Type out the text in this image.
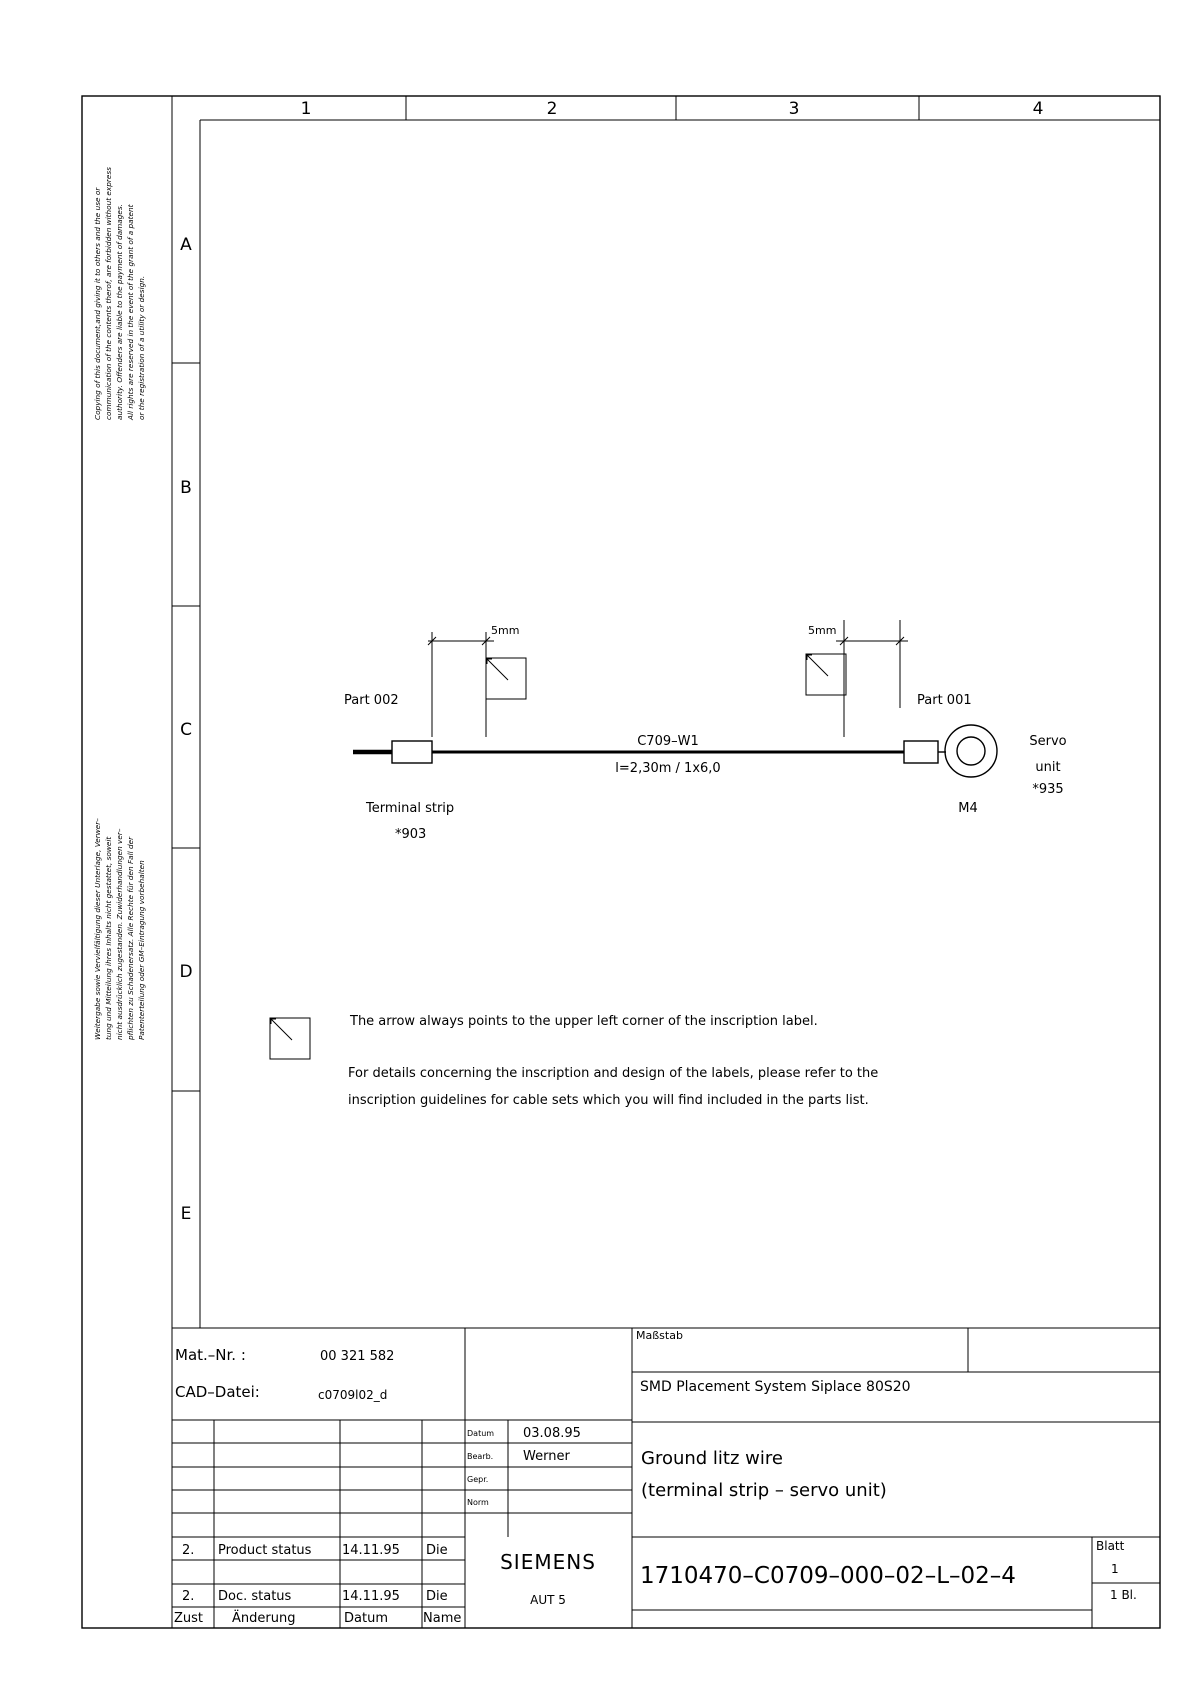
1	2	3	4
A
B
C
D
E
Copying of this document,and giving it to others and the use or communication of the contents therof, are forbidden without express authority. Offenders are liable to the payment of damages. All rights are reserved in the event of the grant of a patent or the registration of a utility or design.
Weitergabe sowie Vervielfältigung dieser Unterlage, Verwer– tung und Mitteilung ihres Inhalts nicht gestattet, soweit nicht ausdrücklich zugestanden. Zuwiderhandlungen ver– pflichten zu Schadenersatz. Alle Rechte für den Fall der Patenterteilung oder GM–Eintragung vorbehalten
5mm	5mm
Part 002	Part 001
C709–W1
l=2,30m / 1x6,0
Terminal strip
*903
Servo
unit
*935
M4
The arrow always points to the upper left corner of the inscription label.
For details concerning the inscription and design of the labels, please refer to the
inscription guidelines for cable sets which you will find included in the parts list.
Mat.–Nr. :	00 321 582
CAD–Datei:	c0709l02_d
Maßstab
SMD Placement System Siplace 80S20
Datum 03.08.95
Bearb. Werner
Gepr.
Norm
Ground litz wire
(terminal strip – servo unit)
2. Product status 14.11.95 Die
2. Doc. status	14.11.95 Die
Zust Änderung	Datum	Name
SIEMENS
AUT 5
1710470–C0709–000–02–L–02–4
Blatt
1
1 Bl.
